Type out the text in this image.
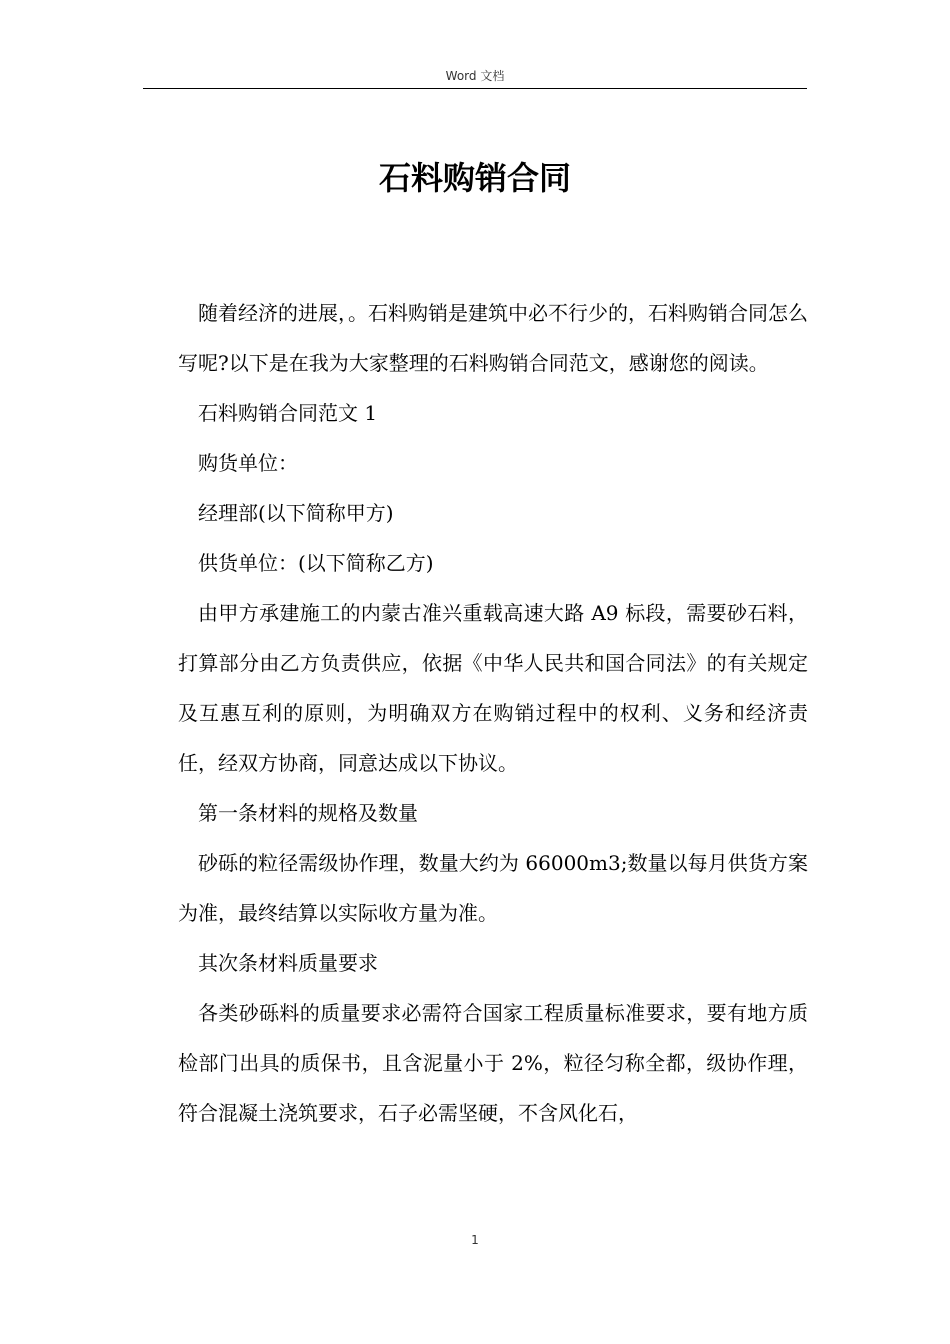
Word 文档
石料购销合同

随着经济的进展，。石料购销是建筑中必不行少的，石料购销合同怎么写呢?以下是在我为大家整理的石料购销合同范文，感谢您的阅读。

石料购销合同范文 1

购货单位：

经理部(以下简称甲方)

供货单位：(以下简称乙方)

由甲方承建施工的内蒙古准兴重载高速大路 A9 标段，需要砂石料，打算部分由乙方负责供应，依据《中华人民共和国合同法》的有关规定及互惠互利的原则，为明确双方在购销过程中的权利、义务和经济责任，经双方协商，同意达成以下协议。

第一条材料的规格及数量

砂砾的粒径需级协作理，数量大约为 66000m3;数量以每月供货方案为准，最终结算以实际收方量为准。

其次条材料质量要求

各类砂砾料的质量要求必需符合国家工程质量标准要求，要有地方质检部门出具的质保书，且含泥量小于 2%，粒径匀称全都，级协作理，符合混凝土浇筑要求，石子必需坚硬，不含风化石，

1
